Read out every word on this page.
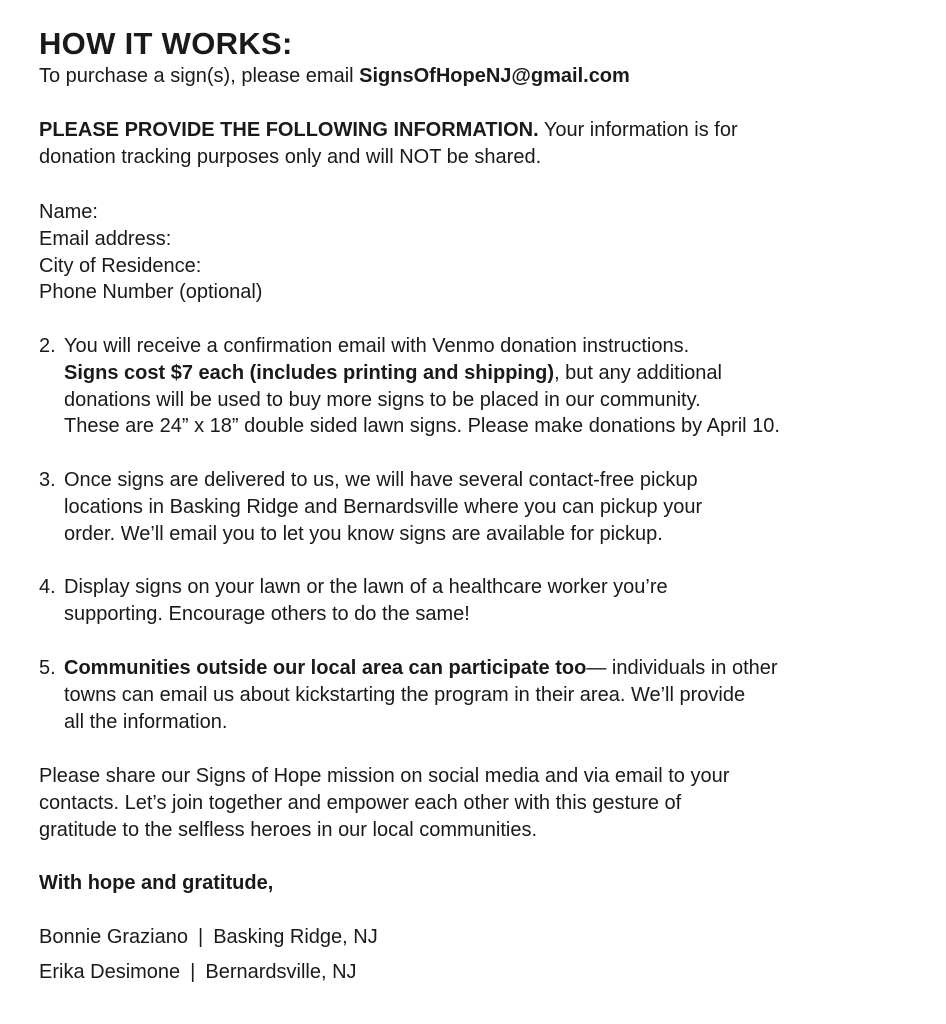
HOW IT WORKS:

To purchase a sign(s), please email SignsOfHopeNJ@gmail.com

PLEASE PROVIDE THE FOLLOWING INFORMATION. Your information is for
donation tracking purposes only and will NOT be shared.

Name:
Email address:
City of Residence:
Phone Number (optional)
2. You will receive a confirmation email with Venmo donation instructions.
Signs cost $7 each (includes printing and shipping), but any additional
donations will be used to buy more signs to be placed in our community.
These are 24” x 18” double sided lawn signs. Please make donations by April 10.
3. Once signs are delivered to us, we will have several contact-free pickup
locations in Basking Ridge and Bernardsville where you can pickup your
order. We’ll email you to let you know signs are available for pickup.
4. Display signs on your lawn or the lawn of a healthcare worker you’re
supporting. Encourage others to do the same!
5. Communities outside our local area can participate too— individuals in other
towns can email us about kickstarting the program in their area. We’ll provide
all the information.

Please share our Signs of Hope mission on social media and via email to your
contacts. Let’s join together and empower each other with this gesture of
gratitude to the selfless heroes in our local communities.

With hope and gratitude,

Bonnie Graziano | Basking Ridge, NJ
Erika Desimone | Bernardsville, NJ
